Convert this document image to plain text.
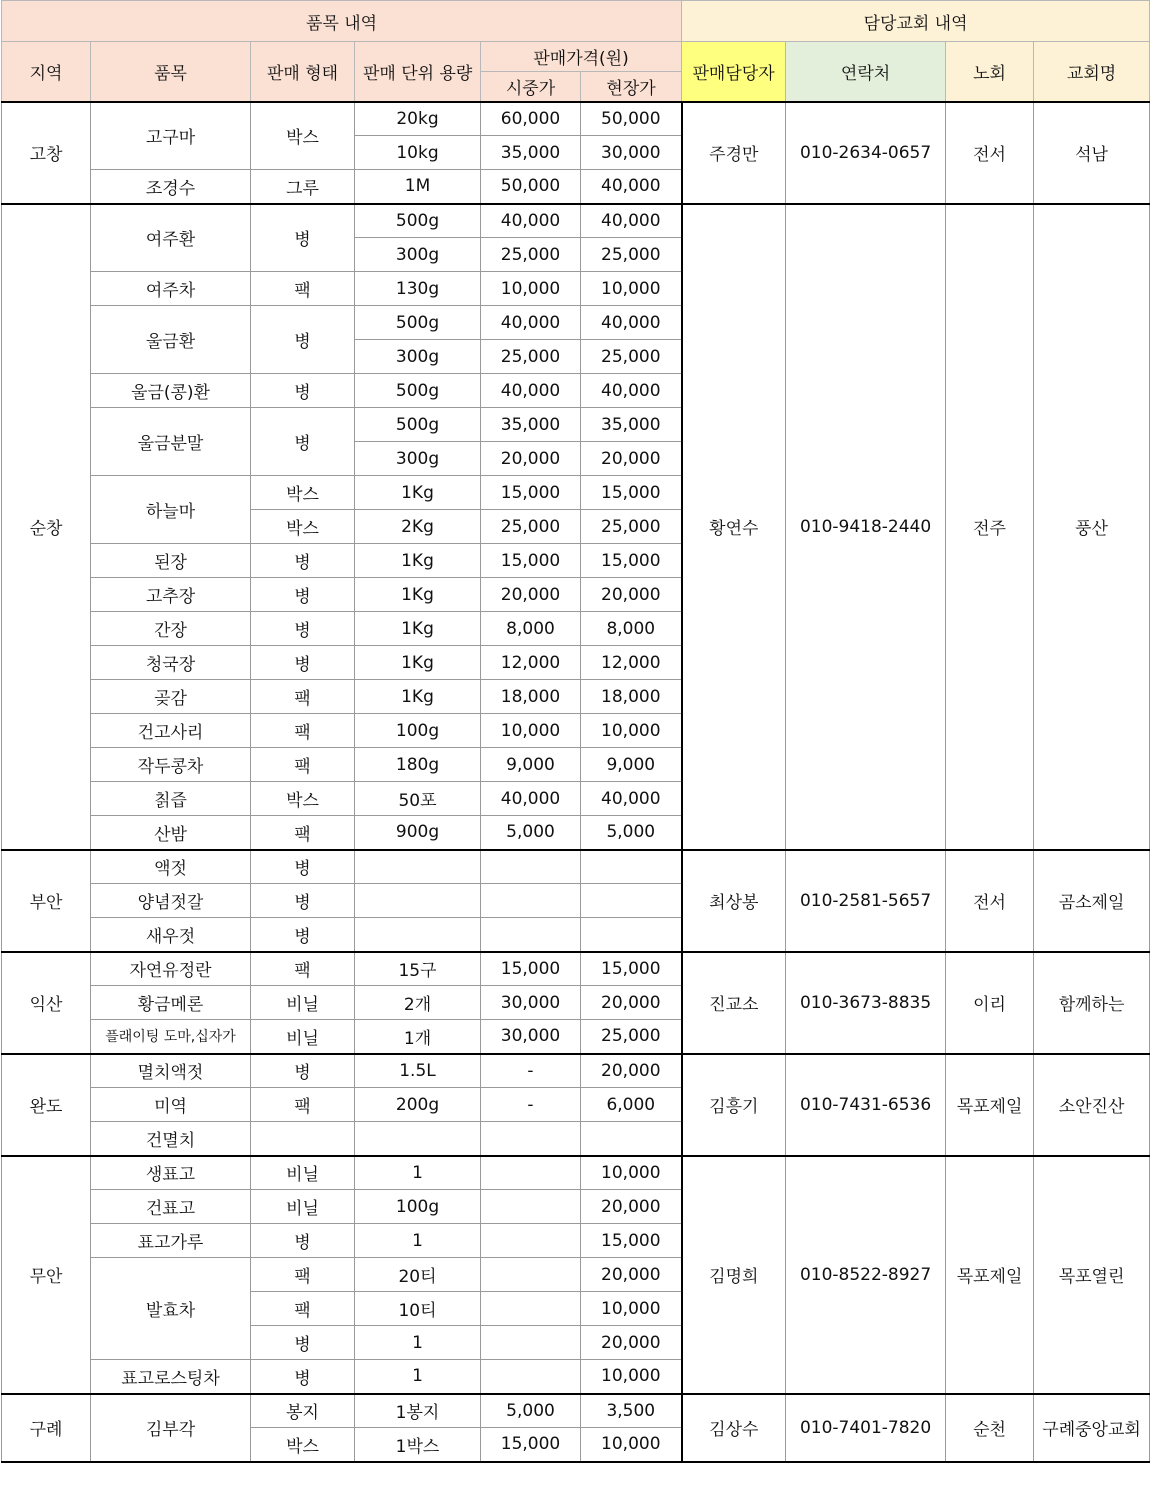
품목 내역						담당교회 내역			
지역	품목	판매 형태	판매 단위 용량	판매가격(원)		판매담당자	연락처	노회	교회명
				시중가	현장가				
고창	고구마	박스	20kg	60,000	50,000	주경만	010-2634-0657	전서	석남
			10kg	35,000	30,000				
	조경수	그루	1M	50,000	40,000				
순창	여주환	병	500g	40,000	40,000	황연수	010-9418-2440	전주	풍산
			300g	25,000	25,000				
	여주차	팩	130g	10,000	10,000				
	울금환	병	500g	40,000	40,000				
			300g	25,000	25,000				
	울금(콩)환	병	500g	40,000	40,000				
	울금분말	병	500g	35,000	35,000				
			300g	20,000	20,000				
	하늘마	박스	1Kg	15,000	15,000				
		박스	2Kg	25,000	25,000				
	된장	병	1Kg	15,000	15,000				
	고추장	병	1Kg	20,000	20,000				
	간장	병	1Kg	8,000	8,000				
	청국장	병	1Kg	12,000	12,000				
	곶감	팩	1Kg	18,000	18,000				
	건고사리	팩	100g	10,000	10,000				
	작두콩차	팩	180g	9,000	9,000				
	칡즙	박스	50포	40,000	40,000				
	산밤	팩	900g	5,000	5,000				
부안	액젓	병				최상봉	010-2581-5657	전서	곰소제일
	양념젓갈	병							
	새우젓	병							
익산	자연유정란	팩	15구	15,000	15,000	진교소	010-3673-8835	이리	함께하는
	황금메론	비닐	2개	30,000	20,000				
	플래이팅 도마,십자가	비닐	1개	30,000	25,000				
완도	멸치액젓	병	1.5L	-	20,000	김흥기	010-7431-6536	목포제일	소안진산
	미역	팩	200g	-	6,000				
	건멸치								
무안	생표고	비닐	1		10,000	김명희	010-8522-8927	목포제일	목포열린
	건표고	비닐	100g		20,000				
	표고가루	병	1		15,000				
	발효차	팩	20티		20,000				
		팩	10티		10,000				
		병	1		20,000				
	표고로스팅차	병	1		10,000				
구례	김부각	봉지	1봉지	5,000	3,500	김상수	010-7401-7820	순천	구례중앙교회
		박스	1박스	15,000	10,000				
